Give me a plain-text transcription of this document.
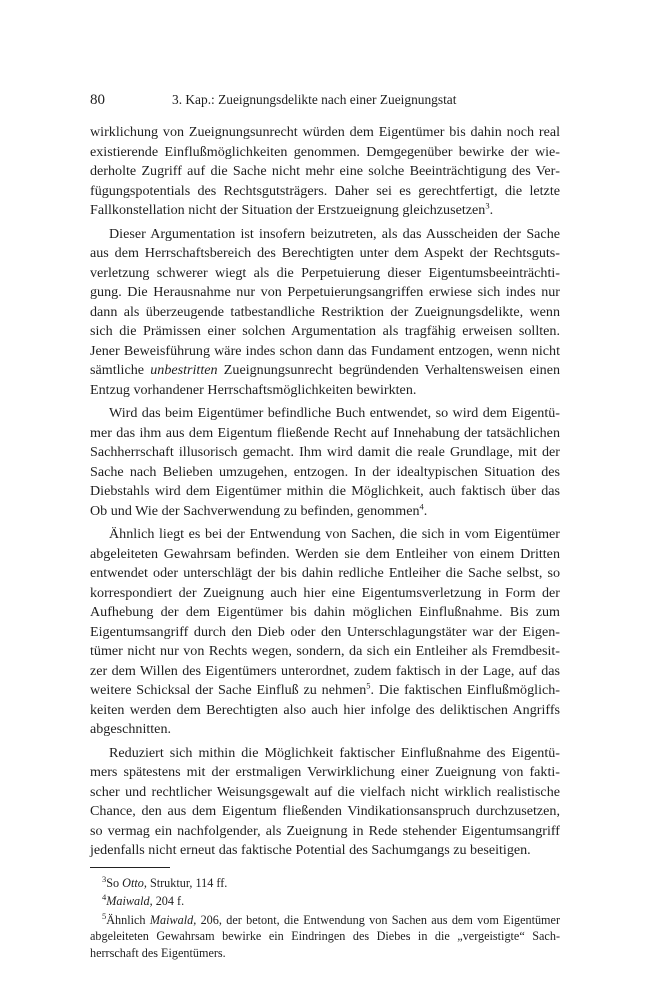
80	3. Kap.: Zueignungsdelikte nach einer Zueignungstat

wirklichung von Zueignungsunrecht würden dem Eigentümer bis dahin noch real existierende Einflußmöglichkeiten genommen. Demgegenüber bewirke der wiederholte Zugriff auf die Sache nicht mehr eine solche Beeinträchtigung des Verfügungspotentials des Rechtsgutsträgers. Daher sei es gerechtfertigt, die letzte Fallkonstellation nicht der Situation der Erstzueignung gleichzusetzen$^3$.

Dieser Argumentation ist insofern beizutreten, als das Ausscheiden der Sache aus dem Herrschaftsbereich des Berechtigten unter dem Aspekt der Rechtsgutsverletzung schwerer wiegt als die Perpetuierung dieser Eigentumsbeeinträchtigung. Die Herausnahme nur von Perpetuierungsangriffen erwiese sich indes nur dann als überzeugende tatbestandliche Restriktion der Zueignungsdelikte, wenn sich die Prämissen einer solchen Argumentation als tragfähig erweisen sollten. Jener Beweisführung wäre indes schon dann das Fundament entzogen, wenn nicht sämtliche unbestritten Zueignungsunrecht begründenden Verhaltensweisen einen Entzug vorhandener Herrschaftsmöglichkeiten bewirkten.

Wird das beim Eigentümer befindliche Buch entwendet, so wird dem Eigentümer das ihm aus dem Eigentum fließende Recht auf Innehabung der tatsächlichen Sachherrschaft illusorisch gemacht. Ihm wird damit die reale Grundlage, mit der Sache nach Belieben umzugehen, entzogen. In der idealtypischen Situation des Diebstahls wird dem Eigentümer mithin die Möglichkeit, auch faktisch über das Ob und Wie der Sachverwendung zu befinden, genommen$^4$.

Ähnlich liegt es bei der Entwendung von Sachen, die sich in vom Eigentümer abgeleiteten Gewahrsam befinden. Werden sie dem Entleiher von einem Dritten entwendet oder unterschlägt der bis dahin redliche Entleiher die Sache selbst, so korrespondiert der Zueignung auch hier eine Eigentumsverletzung in Form der Aufhebung der dem Eigentümer bis dahin möglichen Einflußnahme. Bis zum Eigentumsangriff durch den Dieb oder den Unterschlagungstäter war der Eigentümer nicht nur von Rechts wegen, sondern, da sich ein Entleiher als Fremdbesitzer dem Willen des Eigentümers unterordnet, zudem faktisch in der Lage, auf das weitere Schicksal der Sache Einfluß zu nehmen$^5$. Die faktischen Einflußmöglichkeiten werden dem Berechtigten also auch hier infolge des deliktischen Angriffs abgeschnitten.

Reduziert sich mithin die Möglichkeit faktischer Einflußnahme des Eigentümers spätestens mit der erstmaligen Verwirklichung einer Zueignung von faktischer und rechtlicher Weisungsgewalt auf die vielfach nicht wirklich realistische Chance, den aus dem Eigentum fließenden Vindikationsanspruch durchzusetzen, so vermag ein nachfolgender, als Zueignung in Rede stehender Eigentumsangriff jedenfalls nicht erneut das faktische Potential des Sachumgangs zu beseitigen.

$^3$So Otto, Struktur, 114 ff.

$^4$Maiwald, 204 f.

$^5$Ähnlich Maiwald, 206, der betont, die Entwendung von Sachen aus dem vom Eigentümer abgeleiteten Gewahrsam bewirke ein Eindringen des Diebes in die „vergeistigte“ Sachherrschaft des Eigentümers.
